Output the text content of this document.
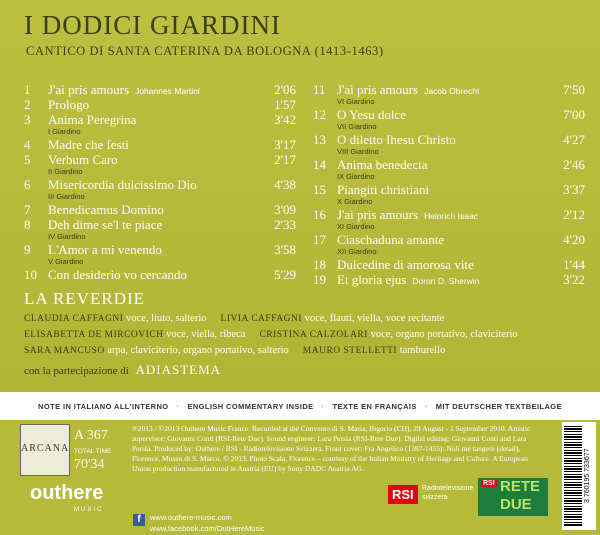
I DODICI GIARDINI
CANTICO DI SANTA CATERINA DA BOLOGNA (1413-1463)
1	J'ai pris amours Johannes Martini	2'06
2	Prologo	1'57
3	Anima Peregrina	3'42
I Giardino
4	Madre che festi	3'17
5	Verbum Caro	2'17
II Giardino
6	Misericordia dulcissimo Dio	4'38
III Giardino
7	Benedicamus Domino	3'09
8	Deh dime se'l te piace	2'33
IV Giardino
9	L'Amor a mi venendo	3'58
V Giardino
10 Con desiderio vo cercando	5'29
11 J'ai pris amours Jacob Obrecht	7'50
VI Giardino
12 O Yesu dolce	7'00
VII Giardino
13 O diletto Ihesu Christo	4'27
VIII Giardino
14 Anima benedecta	2'46
IX Giardino
15 Piangiti christiani	3'37
X Giardino
16 J'ai pris amours Heinrich Isaac	2'12
XI Giardino
17 Ciaschaduna amante	4'20
XII Giardino
18 Dulcedine di amorosa vite	1'44
19 Et gloria ejus Doron D. Sherwin	3'22
LA REVERDIE
CLAUDIA CAFFAGNI voce, liuto, salterio LIVIA CAFFAGNI voce, flauti, viella, voce recitante
ELISABETTA DE MIRCOVICH voce, viella, ribeca CRISTINA CALZOLARI voce, organo portativo, claviciterio
SARA MANCUSO arpa, claviciterio, organo portativo, salterio MAURO STELLETTI tamburello
con la partecipazione di ADIASTEMA
NOTE IN ITALIANO ALL'INTERNO · ENGLISH COMMENTARY INSIDE · TEXTE EN FRANÇAIS · MIT DEUTSCHER TEXTBEILAGE
ARCANA
A 367
TOTAL TIME
70'34
outhere
MUSIC
℗2013 / ©2013 Outhere Music France. Recorded at the Convento di S. Maria, Bigorio (CH), 29 August - 1 September 2010. Artistic supervisor: Giovanni Conti (RSI-Rete Due). Sound engineer: Lara Persia (RSI-Rete Due). Digital editing: Giovanni Conti and Lara Persia. Produced by: Outhere / RSI - Radiotelevisione Svizzera. Front cover: Fra Angelico (1387-1455): Noli me tangere (detail), Florence, Museo di S. Marco. © 2013. Photo Scala, Florence – courtesy of the Italian Ministry of Heritage and Culture. A European Union production manufactured in Austria (EU) by Sony DADC Austria AG.
f	www.outhere-music.com
www.facebook.com/OutHereMusic
RSI	Radiotelevisione
svizzera
RSI RETE DUE
3 760195 733677
